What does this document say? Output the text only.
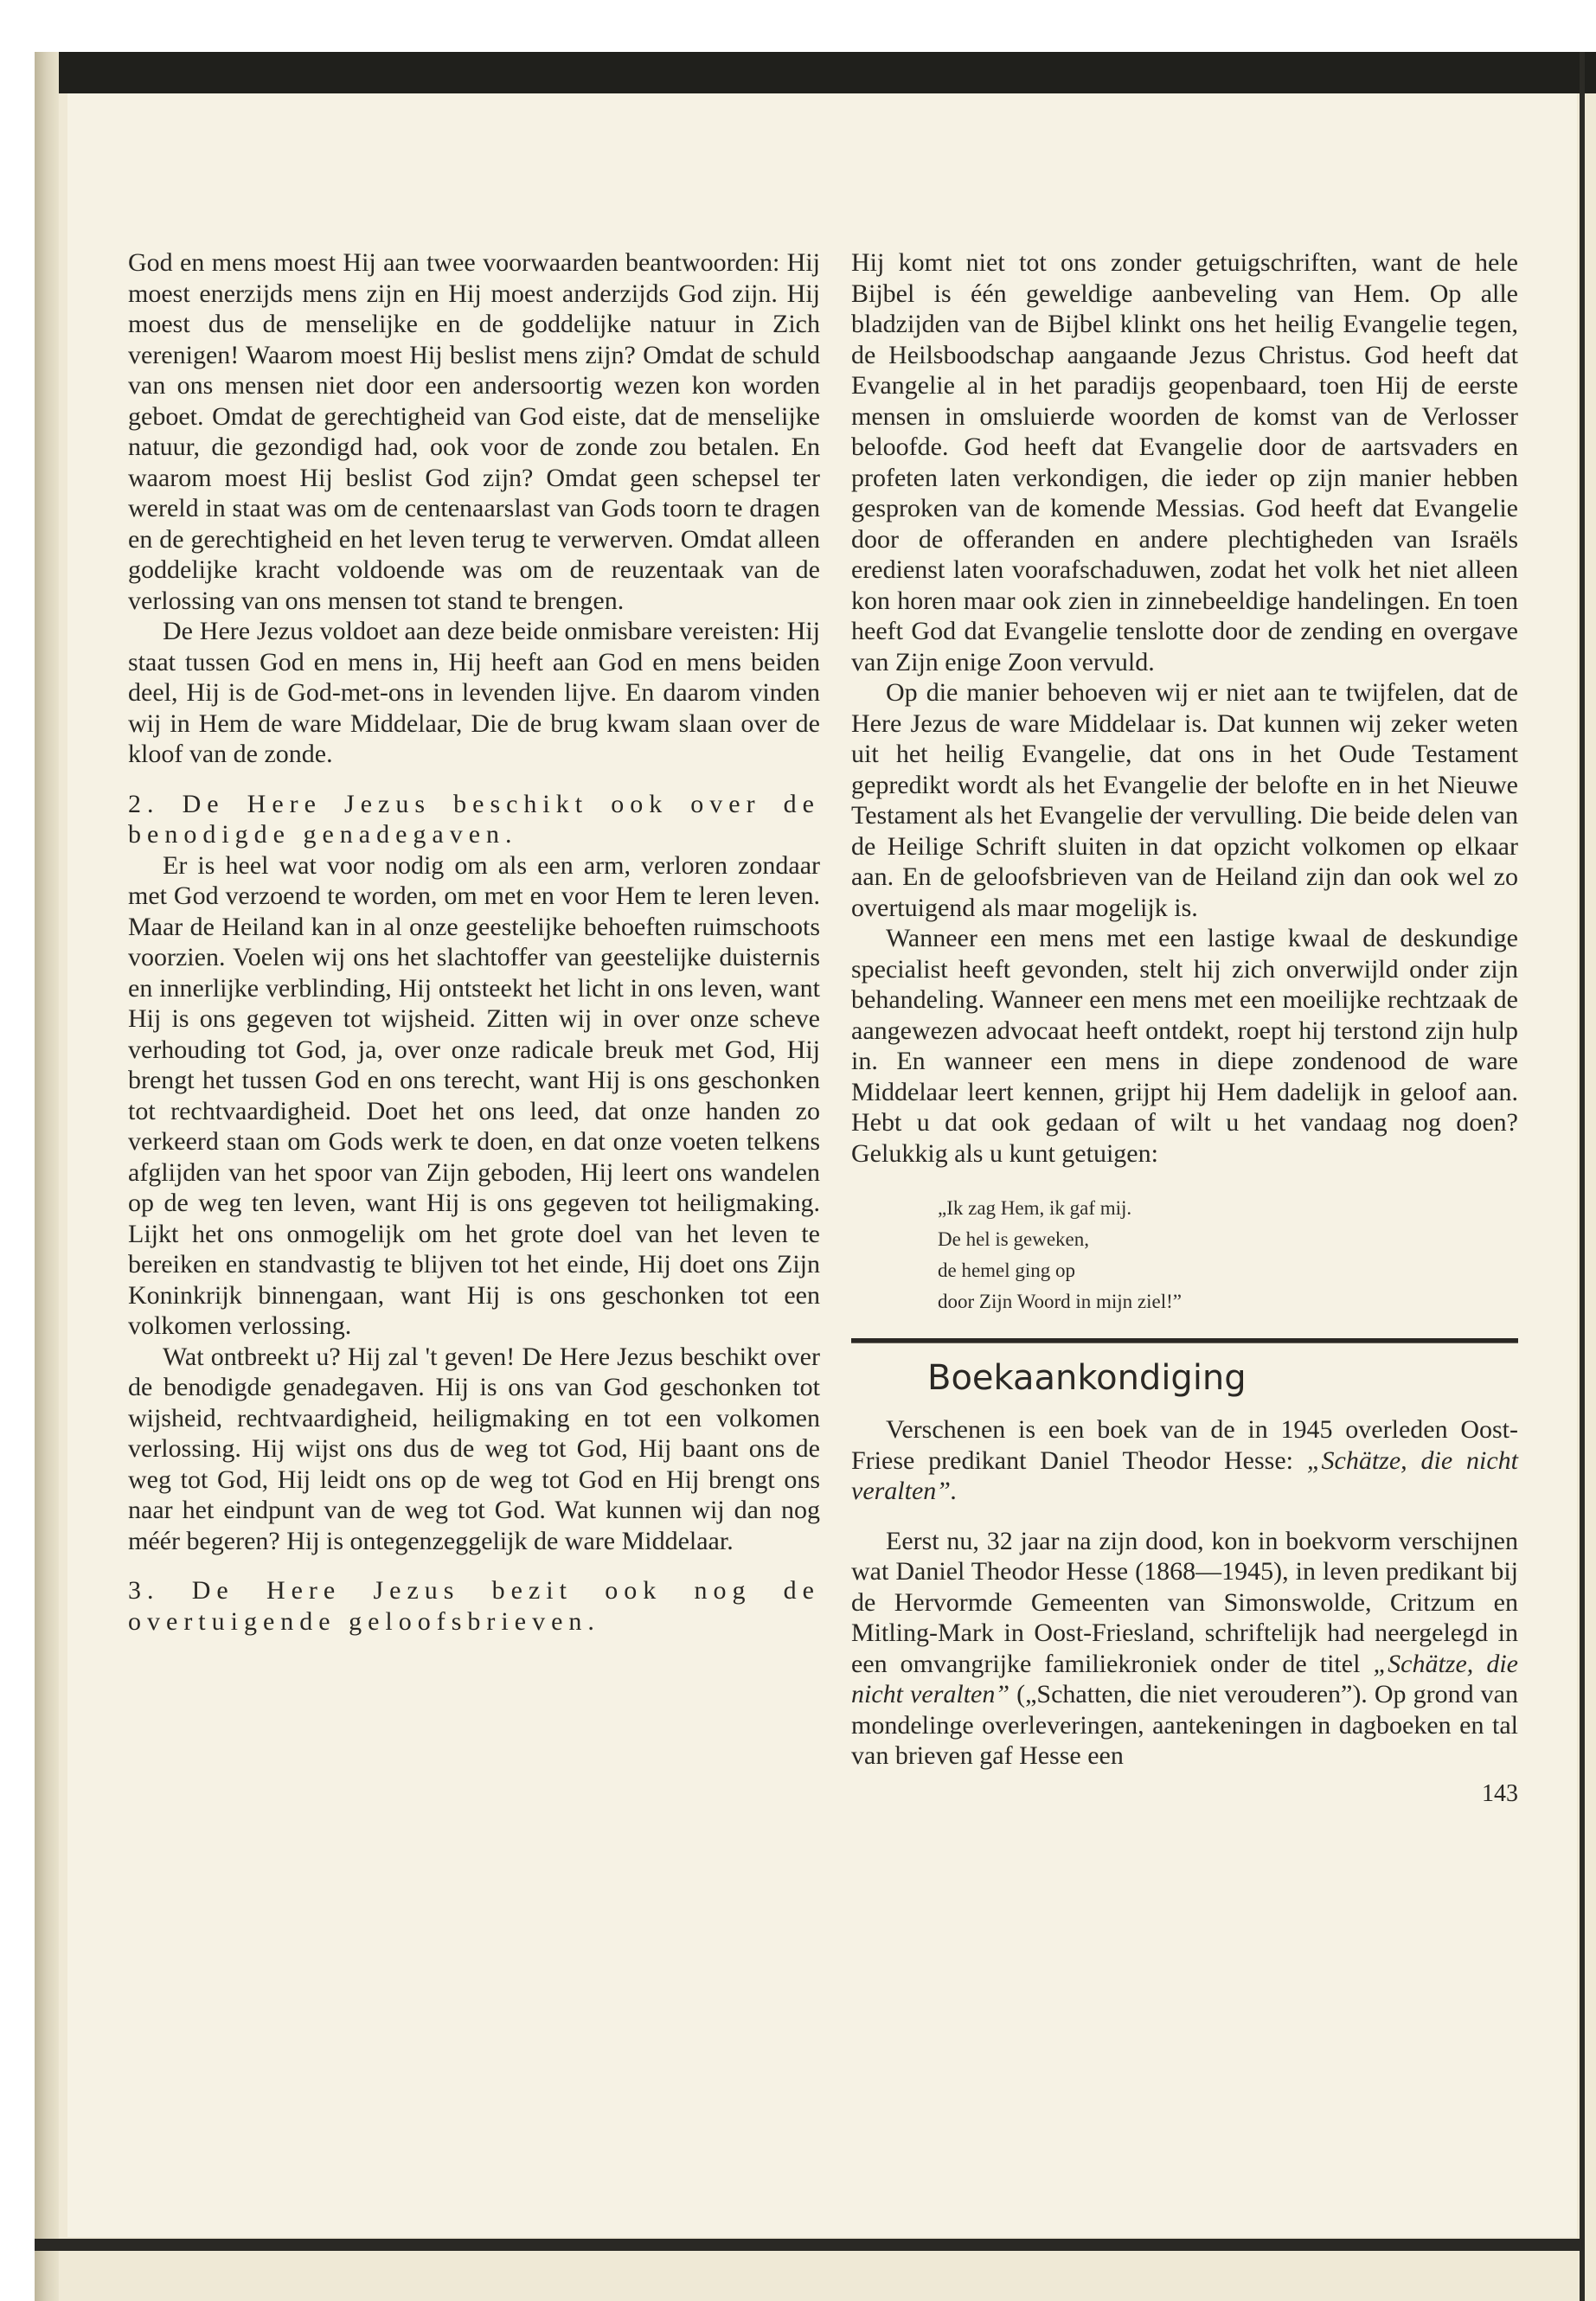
God en mens moest Hij aan twee voorwaarden beantwoorden: Hij moest enerzijds mens zijn en Hij moest anderzijds God zijn. Hij moest dus de menselijke en de goddelijke natuur in Zich verenigen! Waarom moest Hij beslist mens zijn? Omdat de schuld van ons mensen niet door een andersoortig wezen kon worden geboet. Omdat de gerechtigheid van God eiste, dat de menselijke natuur, die gezondigd had, ook voor de zonde zou betalen. En waarom moest Hij beslist God zijn? Omdat geen schepsel ter wereld in staat was om de centenaarslast van Gods toorn te dragen en de gerechtigheid en het leven terug te verwerven. Omdat alleen goddelijke kracht voldoende was om de reuzentaak van de verlossing van ons mensen tot stand te brengen.

De Here Jezus voldoet aan deze beide onmisbare vereisten: Hij staat tussen God en mens in, Hij heeft aan God en mens beiden deel, Hij is de God-met-ons in levenden lijve. En daarom vinden wij in Hem de ware Middelaar, Die de brug kwam slaan over de kloof van de zonde.

2. De Here Jezus beschikt ook over de benodigde genadegaven.

Er is heel wat voor nodig om als een arm, verloren zondaar met God verzoend te worden, om met en voor Hem te leren leven. Maar de Heiland kan in al onze geestelijke behoeften ruimschoots voorzien. Voelen wij ons het slachtoffer van geestelijke duisternis en innerlijke verblinding, Hij ontsteekt het licht in ons leven, want Hij is ons gegeven tot wijsheid. Zitten wij in over onze scheve verhouding tot God, ja, over onze radicale breuk met God, Hij brengt het tussen God en ons terecht, want Hij is ons geschonken tot rechtvaardigheid. Doet het ons leed, dat onze handen zo verkeerd staan om Gods werk te doen, en dat onze voeten telkens afglijden van het spoor van Zijn geboden, Hij leert ons wandelen op de weg ten leven, want Hij is ons gegeven tot heiligmaking. Lijkt het ons onmogelijk om het grote doel van het leven te bereiken en standvastig te blijven tot het einde, Hij doet ons Zijn Koninkrijk binnengaan, want Hij is ons geschonken tot een volkomen verlossing.

Wat ontbreekt u? Hij zal 't geven! De Here Jezus beschikt over de benodigde genadegaven. Hij is ons van God geschonken tot wijsheid, rechtvaardigheid, heiligmaking en tot een volkomen verlossing. Hij wijst ons dus de weg tot God, Hij baant ons de weg tot God, Hij leidt ons op de weg tot God en Hij brengt ons naar het eindpunt van de weg tot God. Wat kunnen wij dan nog méér begeren? Hij is ontegenzeggelijk de ware Middelaar.

3. De Here Jezus bezit ook nog de overtuigende geloofsbrieven.

Hij komt niet tot ons zonder getuigschriften, want de hele Bijbel is één geweldige aanbeveling van Hem. Op alle bladzijden van de Bijbel klinkt ons het heilig Evangelie tegen, de Heilsboodschap aangaande Jezus Christus. God heeft dat Evangelie al in het paradijs geopenbaard, toen Hij de eerste mensen in omsluierde woorden de komst van de Verlosser beloofde. God heeft dat Evangelie door de aartsvaders en profeten laten verkondigen, die ieder op zijn manier hebben gesproken van de komende Messias. God heeft dat Evangelie door de offeranden en andere plechtigheden van Israëls eredienst laten voorafschaduwen, zodat het volk het niet alleen kon horen maar ook zien in zinnebeeldige handelingen. En toen heeft God dat Evangelie tenslotte door de zending en overgave van Zijn enige Zoon vervuld.

Op die manier behoeven wij er niet aan te twijfelen, dat de Here Jezus de ware Middelaar is. Dat kunnen wij zeker weten uit het heilig Evangelie, dat ons in het Oude Testament gepredikt wordt als het Evangelie der belofte en in het Nieuwe Testament als het Evangelie der vervulling. Die beide delen van de Heilige Schrift sluiten in dat opzicht volkomen op elkaar aan. En de geloofsbrieven van de Heiland zijn dan ook wel zo overtuigend als maar mogelijk is.

Wanneer een mens met een lastige kwaal de deskundige specialist heeft gevonden, stelt hij zich onverwijld onder zijn behandeling. Wanneer een mens met een moeilijke rechtzaak de aangewezen advocaat heeft ontdekt, roept hij terstond zijn hulp in. En wanneer een mens in diepe zondenood de ware Middelaar leert kennen, grijpt hij Hem dadelijk in geloof aan. Hebt u dat ook gedaan of wilt u het vandaag nog doen? Gelukkig als u kunt getuigen:

„Ik zag Hem, ik gaf mij.
De hel is geweken,
de hemel ging op
door Zijn Woord in mijn ziel!”
Boekaankondiging

Verschenen is een boek van de in 1945 overleden Oost-Friese predikant Daniel Theodor Hesse: „Schätze, die nicht veralten”.

Eerst nu, 32 jaar na zijn dood, kon in boekvorm verschijnen wat Daniel Theodor Hesse (1868—1945), in leven predikant bij de Hervormde Gemeenten van Simonswolde, Critzum en Mitling-Mark in Oost-Friesland, schriftelijk had neergelegd in een omvangrijke familiekroniek onder de titel „Schätze, die nicht veralten” („Schatten, die niet verouderen”). Op grond van mondelinge overleveringen, aantekeningen in dagboeken en tal van brieven gaf Hesse een

143
